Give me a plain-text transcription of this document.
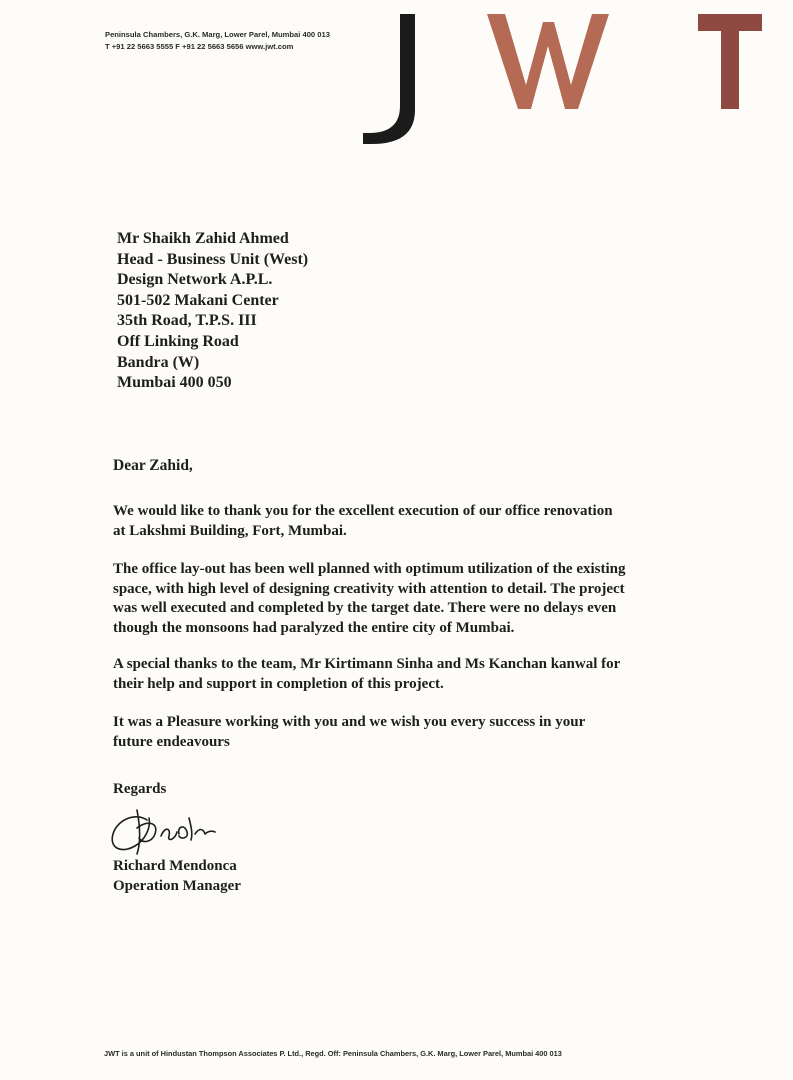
Peninsula Chambers, G.K. Marg, Lower Parel, Mumbai 400 013
T +91 22 5663 5555 F +91 22 5663 5656 www.jwt.com
Mr Shaikh Zahid Ahmed
Head - Business Unit (West)
Design Network A.P.L.
501-502 Makani Center
35th Road, T.P.S. III
Off Linking Road
Bandra (W)
Mumbai 400 050
Dear Zahid,
We would like to thank you for the excellent execution of our office renovation
at Lakshmi Building, Fort, Mumbai.
The office lay-out has been well planned with optimum utilization of the existing
space, with high level of designing creativity with attention to detail. The project
was well executed and completed by the target date. There were no delays even
though the monsoons had paralyzed the entire city of Mumbai.
A special thanks to the team, Mr Kirtimann Sinha and Ms Kanchan kanwal for
their help and support in completion of this project.
It was a Pleasure working with you and we wish you every success in your
future endeavours
Regards
Richard Mendonca
Operation Manager
JWT is a unit of Hindustan Thompson Associates P. Ltd., Regd. Off: Peninsula Chambers, G.K. Marg, Lower Parel, Mumbai 400 013
